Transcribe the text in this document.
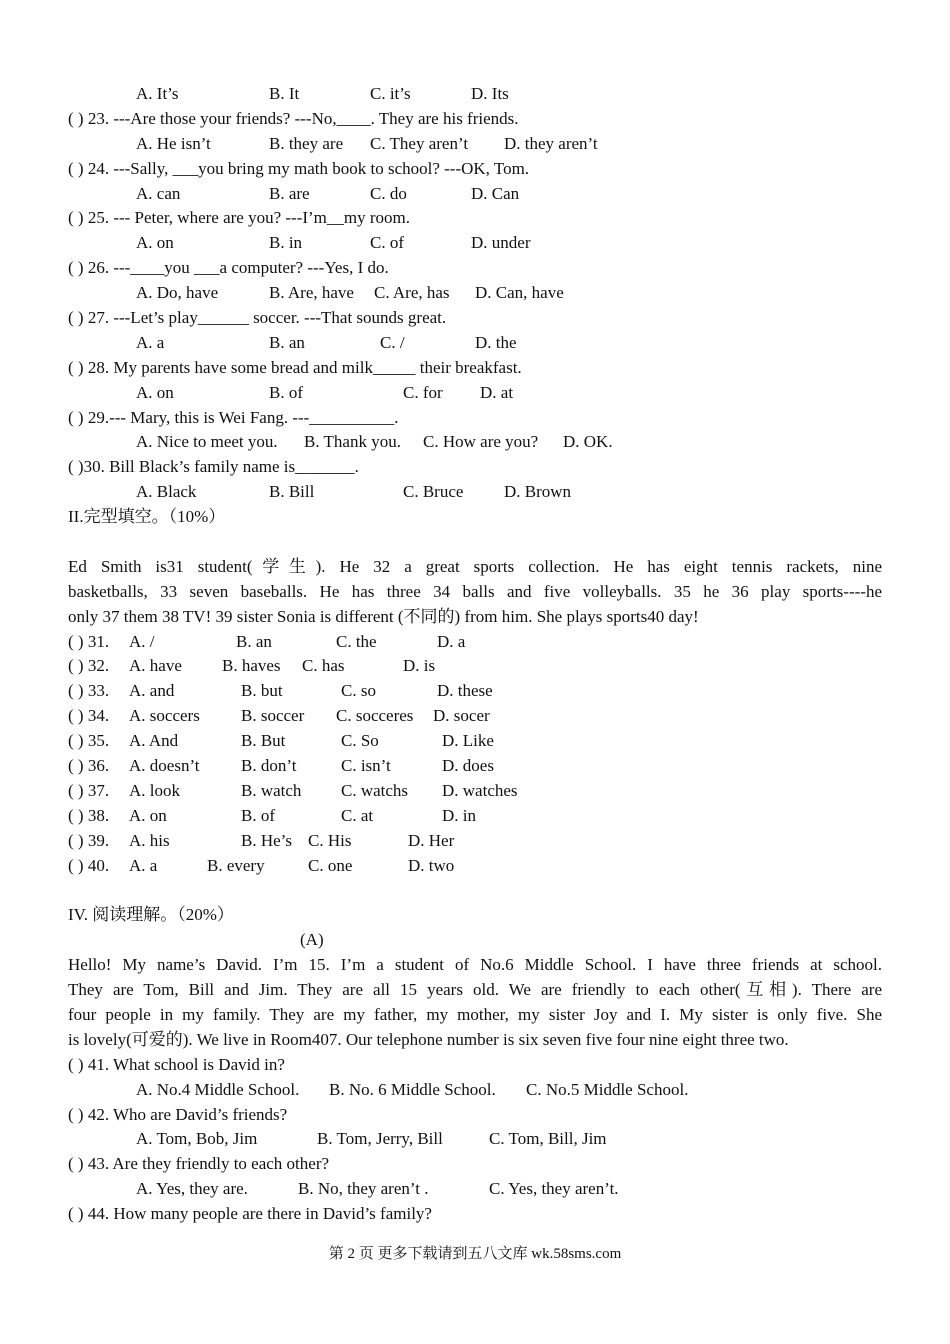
A. It’s	B. It	C. it’s	D. Its
( ) 23. ---Are those your friends? ---No,____. They are his friends.
A. He isn’t	B. they are C. They aren’t D. they aren’t
( ) 24. ---Sally, ___you bring my math book to school? ---OK, Tom.
A. can	B. are	C. do	D. Can
( ) 25. --- Peter, where are you? ---I’m__my room.
A. on	B. in	C. of	D. under
( ) 26. ---____you ___a computer? ---Yes, I do.
A. Do, have	B. Are, have C. Are, has D. Can, have
( ) 27. ---Let’s play______ soccer. ---That sounds great.
A. a	B. an	C. /	D. the
( ) 28. My parents have some bread and milk_____ their breakfast.
A. on	B. of	C. for D. at
( ) 29.--- Mary, this is Wei Fang. ---__________.
A. Nice to meet you. B. Thank you. C. How are you? D. OK.
( )30. Bill Black’s family name is_______.
A. Black	B. Bill	C. Bruce D. Brown
II.完型填空。（10%）
Ed Smith is31 student(学生). He 32 a great sports collection. He has eight tennis rackets, nine
basketballs, 33 seven baseballs. He has three 34 balls and five volleyballs. 35 he 36 play sports----he
only 37 them 38 TV! 39 sister Sonia is different (不同的) from him. She plays sports40 day!
( ) 31. A. /	B. an	C. the	D. a
( ) 32. A. have B. haves C. has	D. is
( ) 33. A. and	B. but	C. so	D. these
( ) 34. A. soccers B. soccer C. socceres D. socer
( ) 35. A. And	B. But	C. So	D. Like
( ) 36. A. doesn’t B. don’t	C. isn’t	D. does
( ) 37. A. look	B. watch C. watchs D. watches
( ) 38. A. on	B. of	C. at	D. in
( ) 39. A. his	B. He’s C. His	D. Her
( ) 40. A. a	B. every	C. one	D. two
IV. 阅读理解。（20%）
(A)
Hello! My name’s David. I’m 15. I’m a student of No.6 Middle School. I have three friends at school.
They are Tom, Bill and Jim. They are all 15 years old. We are friendly to each other(互相). There are
four people in my family. They are my father, my mother, my sister Joy and I. My sister is only five. She
is lovely(可爱的). We live in Room407. Our telephone number is six seven five four nine eight three two.
( ) 41. What school is David in?
A. No.4 Middle School. B. No. 6 Middle School. C. No.5 Middle School.
( ) 42. Who are David’s friends?
A. Tom, Bob, Jim	B. Tom, Jerry, Bill	C. Tom, Bill, Jim
( ) 43. Are they friendly to each other?
A. Yes, they are.	B. No, they aren’t .	C. Yes, they aren’t.
( ) 44. How many people are there in David’s family?
第 2 页 更多下载请到五八文库 wk.58sms.com
